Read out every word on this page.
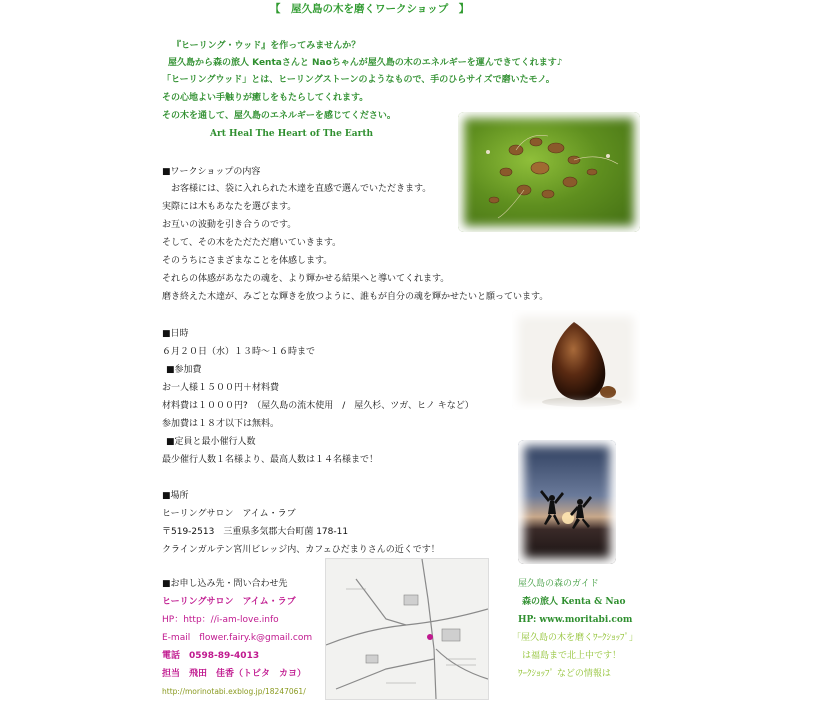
【　屋久島の木を磨くワークショップ　】
『ヒーリング・ウッド』を作ってみませんか？
屋久島から森の旅人 Kentaさんと Naoちゃんが屋久島の木のエネルギーを運んできてくれます♪
「ヒーリングウッド」とは、ヒーリングストーンのようなもので、手のひらサイズで磨いたモノ。
その心地よい手触りが癒しをもたらしてくれます。
その木を通して、屋久島のエネルギーを感じてください。
Art Heal The Heart of The Earth
■ワークショップの内容
　お客様には、袋に入れられた木達を直感で選んでいただきます。
実際には木もあなたを選びます。
お互いの波動を引き合うのです。
そして、その木をただただ磨いていきます。
そのうちにさまざまなことを体感します。
それらの体感があなたの魂を、より輝かせる結果へと導いてくれます。
磨き終えた木達が、みごとな輝きを放つように、誰もが自分の魂を輝かせたいと願っています。
■日時
６月２０日（水）１３時～１６時まで
■参加費
お一人様１５００円＋材料費
材料費は１０００円?　（屋久島の流木使用　/　屋久杉、ツガ、ヒノ キなど）
参加費は１８才以下は無料。
■定員と最小催行人数
最少催行人数１名様より、最高人数は１４名様まで！
■場所
ヒーリングサロン　アイム・ラブ
〒519-2513　三重県多気郡大台町菌 178-11
クラインガルテン宮川ビレッジ内、カフェひだまりさんの近くです！
■お申し込み先・問い合わせ先
ヒーリングサロン　アイム・ラブ
HP：http：//i-am-love.info
E-mail　flower.fairy.k@gmail.com
電話　0598-89-4013
担当　飛田　佳香（トビタ　カヨ）
http://morinotabi.exblog.jp/18247061/
屋久島の森のガイド
森の旅人 Kenta & Nao
HP: www.moritabi.com
「屋久島の木を磨くﾜｰｸｼｮｯﾌﾟ」
は福島まで北上中です！
ﾜｰｸｼｮｯﾌﾟ などの情報は
